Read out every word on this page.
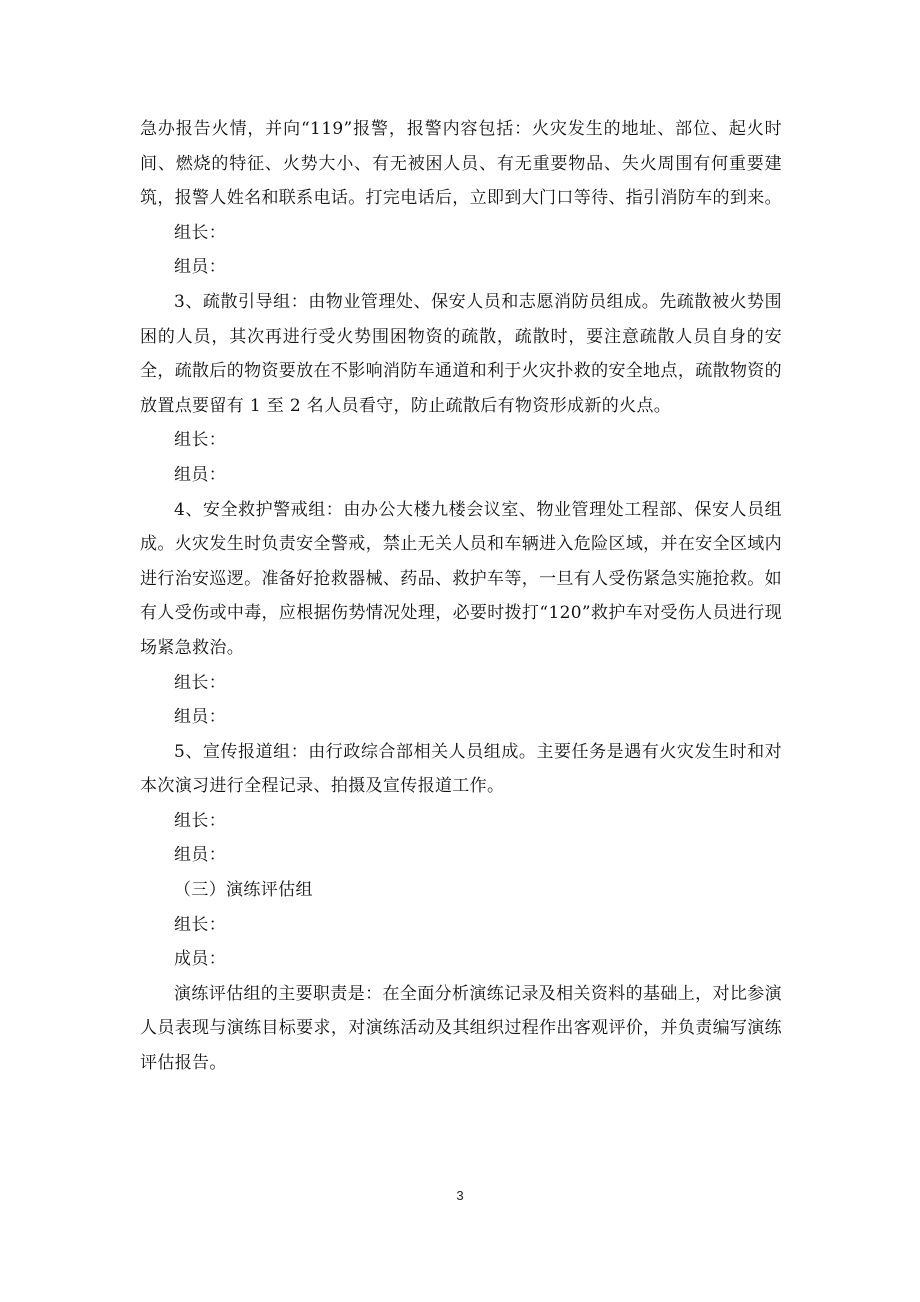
急办报告火情，并向“119”报警，报警内容包括：火灾发生的地址、部位、起火时间、燃烧的特征、火势大小、有无被困人员、有无重要物品、失火周围有何重要建筑，报警人姓名和联系电话。打完电话后，立即到大门口等待、指引消防车的到来。

组长：

组员：

3、疏散引导组：由物业管理处、保安人员和志愿消防员组成。先疏散被火势围困的人员，其次再进行受火势围困物资的疏散，疏散时，要注意疏散人员自身的安全，疏散后的物资要放在不影响消防车通道和利于火灾扑救的安全地点，疏散物资的放置点要留有 1 至 2 名人员看守，防止疏散后有物资形成新的火点。

组长：

组员：

4、安全救护警戒组：由办公大楼九楼会议室、物业管理处工程部、保安人员组成。火灾发生时负责安全警戒，禁止无关人员和车辆进入危险区域，并在安全区域内进行治安巡逻。准备好抢救器械、药品、救护车等，一旦有人受伤紧急实施抢救。如有人受伤或中毒，应根据伤势情况处理，必要时拨打“120”救护车对受伤人员进行现场紧急救治。

组长：

组员：

5、宣传报道组：由行政综合部相关人员组成。主要任务是遇有火灾发生时和对本次演习进行全程记录、拍摄及宣传报道工作。

组长：

组员：

（三）演练评估组

组长：

成员：

演练评估组的主要职责是：在全面分析演练记录及相关资料的基础上，对比参演人员表现与演练目标要求，对演练活动及其组织过程作出客观评价，并负责编写演练评估报告。

3
